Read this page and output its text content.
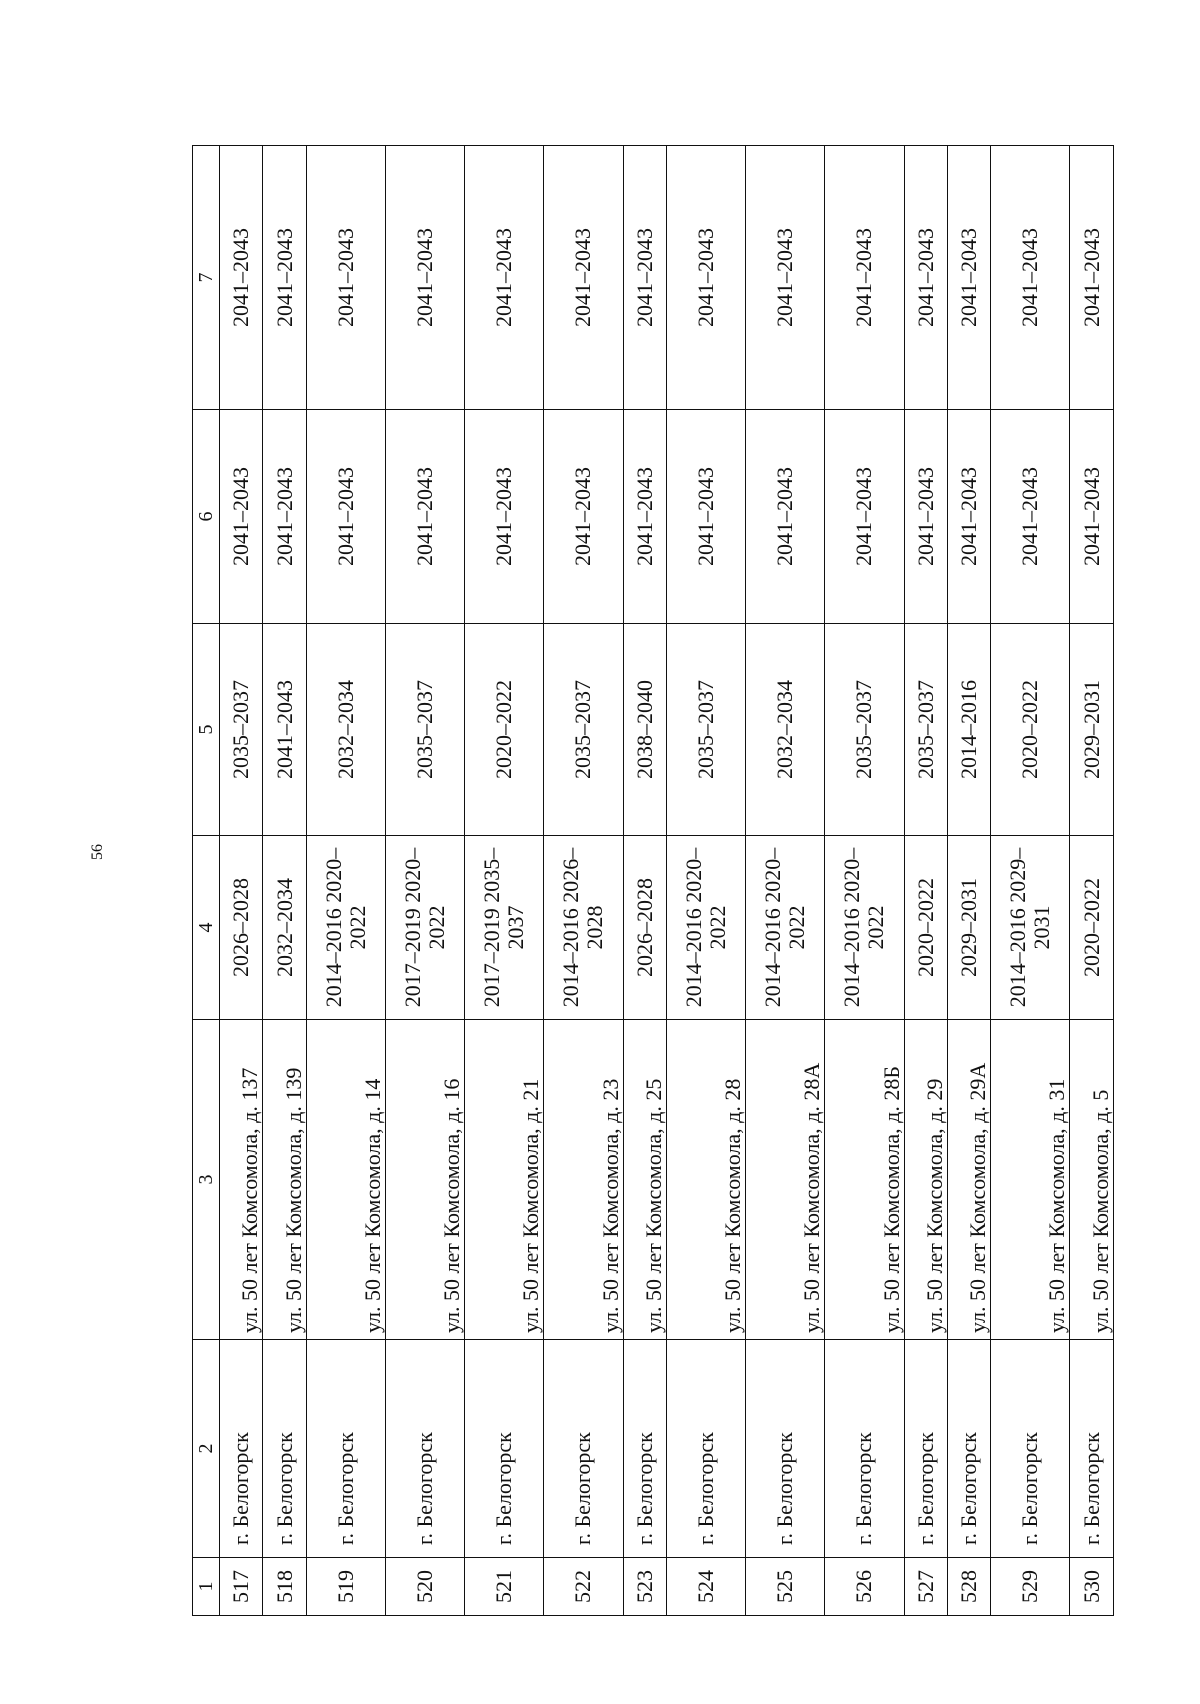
56
1	2	3	4	5	6	7
517	г. Белогорск	ул. 50 лет Комсомола, д. 137	2026–2028	2035–2037	2041–2043	2041–2043
518	г. Белогорск	ул. 50 лет Комсомола, д. 139	2032–2034	2041–2043	2041–2043	2041–2043
519	г. Белогорск	ул. 50 лет Комсомола, д. 14	2014–2016 2020–2022	2032–2034	2041–2043	2041–2043
520	г. Белогорск	ул. 50 лет Комсомола, д. 16	2017–2019 2020–2022	2035–2037	2041–2043	2041–2043
521	г. Белогорск	ул. 50 лет Комсомола, д. 21	2017–2019 2035–2037	2020–2022	2041–2043	2041–2043
522	г. Белогорск	ул. 50 лет Комсомола, д. 23	2014–2016 2026–2028	2035–2037	2041–2043	2041–2043
523	г. Белогорск	ул. 50 лет Комсомола, д. 25	2026–2028	2038–2040	2041–2043	2041–2043
524	г. Белогорск	ул. 50 лет Комсомола, д. 28	2014–2016 2020–2022	2035–2037	2041–2043	2041–2043
525	г. Белогорск	ул. 50 лет Комсомола, д. 28А	2014–2016 2020–2022	2032–2034	2041–2043	2041–2043
526	г. Белогорск	ул. 50 лет Комсомола, д. 28Б	2014–2016 2020–2022	2035–2037	2041–2043	2041–2043
527	г. Белогорск	ул. 50 лет Комсомола, д. 29	2020–2022	2035–2037	2041–2043	2041–2043
528	г. Белогорск	ул. 50 лет Комсомола, д. 29А	2029–2031	2014–2016	2041–2043	2041–2043
529	г. Белогорск	ул. 50 лет Комсомола, д. 31	2014–2016 2029–2031	2020–2022	2041–2043	2041–2043
530	г. Белогорск	ул. 50 лет Комсомола, д. 5	2020–2022	2029–2031	2041–2043	2041–2043
